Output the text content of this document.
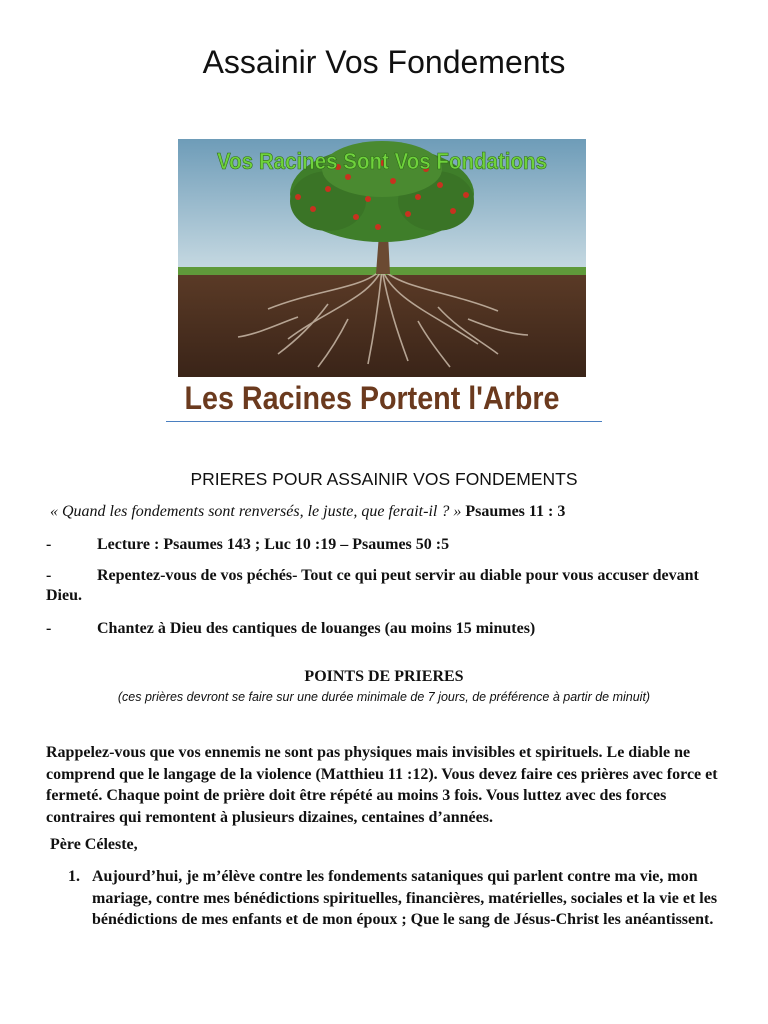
Assainir Vos Fondements
Vos Racines Sont Vos Fondations
Les Racines Portent l'Arbre
PRIERES POUR ASSAINIR VOS FONDEMENTS
« Quand les fondements sont renversés, le juste, que ferait-il ? » Psaumes 11 : 3
-	Lecture : Psaumes 143 ; Luc 10 :19 – Psaumes 50 :5
-	Repentez-vous de vos péchés- Tout ce qui peut servir au diable pour vous accuser devant Dieu.
-	Chantez à Dieu des cantiques de louanges (au moins 15 minutes)
POINTS DE PRIERES
(ces prières devront se faire sur une durée minimale de 7 jours, de préférence à partir de minuit)
Rappelez-vous que vos ennemis ne sont pas physiques mais invisibles et spirituels. Le diable ne comprend que le langage de la violence (Matthieu 11 :12). Vous devez faire ces prières avec force et fermeté. Chaque point de prière doit être répété au moins 3 fois. Vous luttez avec des forces contraires qui remontent à plusieurs dizaines, centaines d’années.
Père Céleste,
1. Aujourd’hui, je m’élève contre les fondements sataniques qui parlent contre ma vie, mon mariage, contre mes bénédictions spirituelles, financières, matérielles, sociales et la vie et les bénédictions de mes enfants et de mon époux ; Que le sang de Jésus-Christ les anéantissent.
